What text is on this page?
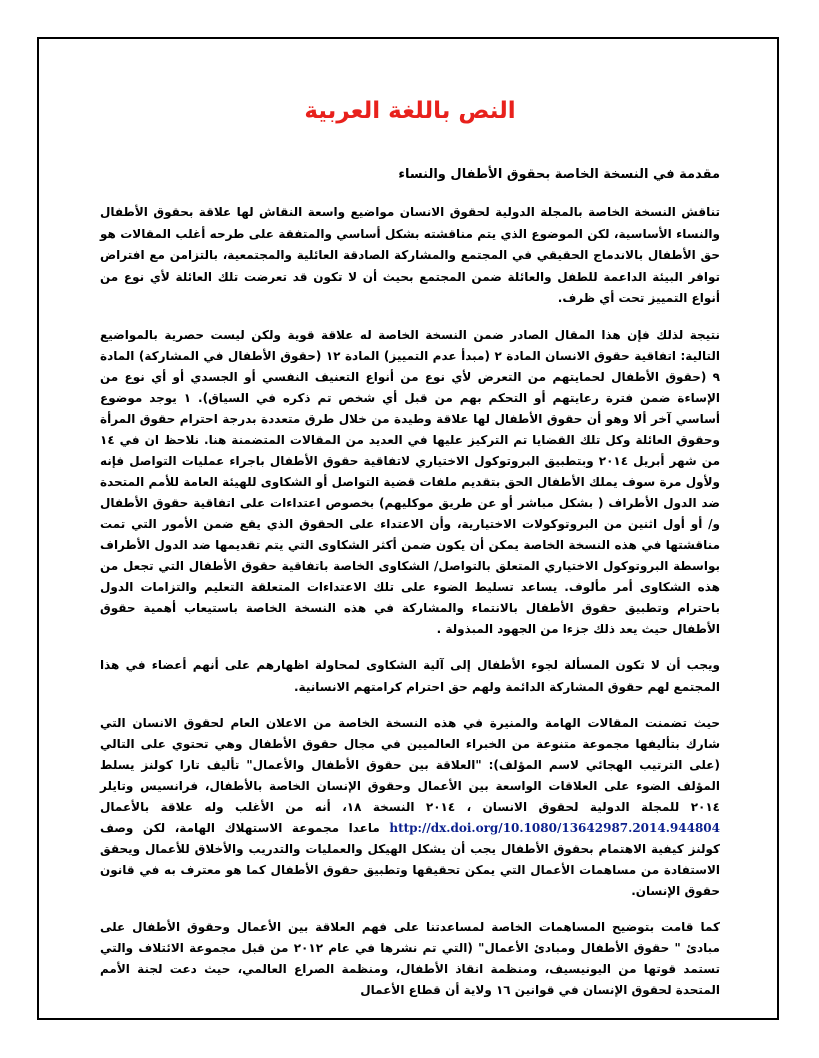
النص باللغة العربية
مقدمة في النسخة الخاصة بحقوق الأطفال والنساء

تناقش النسخة الخاصة بالمجلة الدولية لحقوق الانسان مواضيع واسعة النقاش لها علاقة بحقوق الأطفال والنساء الأساسية، لكن الموضوع الذي يتم مناقشته بشكل أساسي والمتفقة على طرحه أغلب المقالات هو حق الأطفال بالاندماج الحقيقي في المجتمع والمشاركة الصادقة العائلية والمجتمعية، بالتزامن مع افتراض توافر البيئة الداعمة للطفل والعائلة ضمن المجتمع بحيث أن لا تكون قد تعرضت تلك العائلة لأي نوع من أنواع التمييز تحت أي ظرف.

نتيجة لذلك فإن هذا المقال الصادر ضمن النسخة الخاصة له علاقة قوية ولكن ليست حصرية بالمواضيع التالية: اتفاقية حقوق الانسان المادة ٢ (مبدأ عدم التمييز) المادة ١٢ (حقوق الأطفال في المشاركة) المادة ٩ (حقوق الأطفال لحمايتهم من التعرض لأي نوع من أنواع التعنيف النفسي أو الجسدي أو أي نوع من الإساءة ضمن فترة رعايتهم أو التحكم بهم من قبل أي شخص تم ذكره في السياق). ١ يوجد موضوع أساسي آخر ألا وهو أن حقوق الأطفال لها علاقة وطيدة من خلال طرق متعددة بدرجة احترام حقوق المرأة وحقوق العائلة وكل تلك القضايا تم التركيز عليها في العديد من المقالات المتضمنة هنا. نلاحظ ان في ١٤ من شهر أبريل ٢٠١٤ وبتطبيق البروتوكول الاختياري لاتفاقية حقوق الأطفال باجراء عمليات التواصل فإنه ولأول مرة سوف يملك الأطفال الحق بتقديم ملفات قضية التواصل أو الشكاوى للهيئة العامة للأمم المتحدة ضد الدول الأطراف ( بشكل مباشر أو عن طريق موكليهم) بخصوص اعتداءات على اتفاقية حقوق الأطفال و/ أو أول اثنين من البروتوكولات الاختيارية، وأن الاعتداء على الحقوق الذي يقع ضمن الأمور التي تمت مناقشتها في هذه النسخة الخاصة يمكن أن يكون ضمن أكثر الشكاوى التي يتم تقديمها ضد الدول الأطراف بواسطة البروتوكول الاختياري المتعلق بالتواصل/ الشكاوى الخاصة باتفاقية حقوق الأطفال التي تجعل من هذه الشكاوى أمر مألوف. يساعد تسليط الضوء على تلك الاعتداءات المتعلقة التعليم والتزامات الدول باحترام وتطبيق حقوق الأطفال بالانتماء والمشاركة في هذه النسخة الخاصة باستيعاب أهمية حقوق الأطفال حيث يعد ذلك جزءا من الجهود المبذولة .

ويجب أن لا تكون المسألة لجوء الأطفال إلى آلية الشكاوى لمحاولة اظهارهم على أنهم أعضاء في هذا المجتمع لهم حقوق المشاركة الدائمة ولهم حق احترام كرامتهم الانسانية.

حيث تضمنت المقالات الهامة والمنيرة في هذه النسخة الخاصة من الاعلان العام لحقوق الانسان التي شارك بتأليفها مجموعة متنوعة من الخبراء العالميين في مجال حقوق الأطفال وهي تحتوي على التالي (على الترتيب الهجائي لاسم المؤلف): "العلاقة بين حقوق الأطفال والأعمال" تأليف تارا كولنز يسلط المؤلف الضوء على العلاقات الواسعة بين الأعمال وحقوق الإنسان الخاصة بالأطفال، فرانسيس وتايلر ٢٠١٤ للمجلة الدولية لحقوق الانسان ، ٢٠١٤ النسخة ١٨، أنه من الأغلب وله علاقة بالأعمال http://dx.doi.org/10.1080/13642987.2014.944804 ماعدا مجموعة الاستهلاك الهامة، لكن وصف كولنز كيفية الاهتمام بحقوق الأطفال يجب أن يشكل الهيكل والعمليات والتدريب والأخلاق للأعمال ويحقق الاستفادة من مساهمات الأعمال التي يمكن تحقيقها وتطبيق حقوق الأطفال كما هو معترف به في قانون حقوق الإنسان.

كما قامت بتوضيح المساهمات الخاصة لمساعدتنا على فهم العلاقة بين الأعمال وحقوق الأطفال على مبادئ " حقوق الأطفال ومبادئ الأعمال" (التي تم نشرها في عام ٢٠١٢ من قبل مجموعة الائتلاف والتي تستمد قوتها من اليونيسيف، ومنظمة انقاذ الأطفال، ومنظمة الصراع العالمي، حيث دعت لجنة الأمم المتحدة لحقوق الإنسان في قوانين ١٦ ولاية أن قطاع الأعمال
